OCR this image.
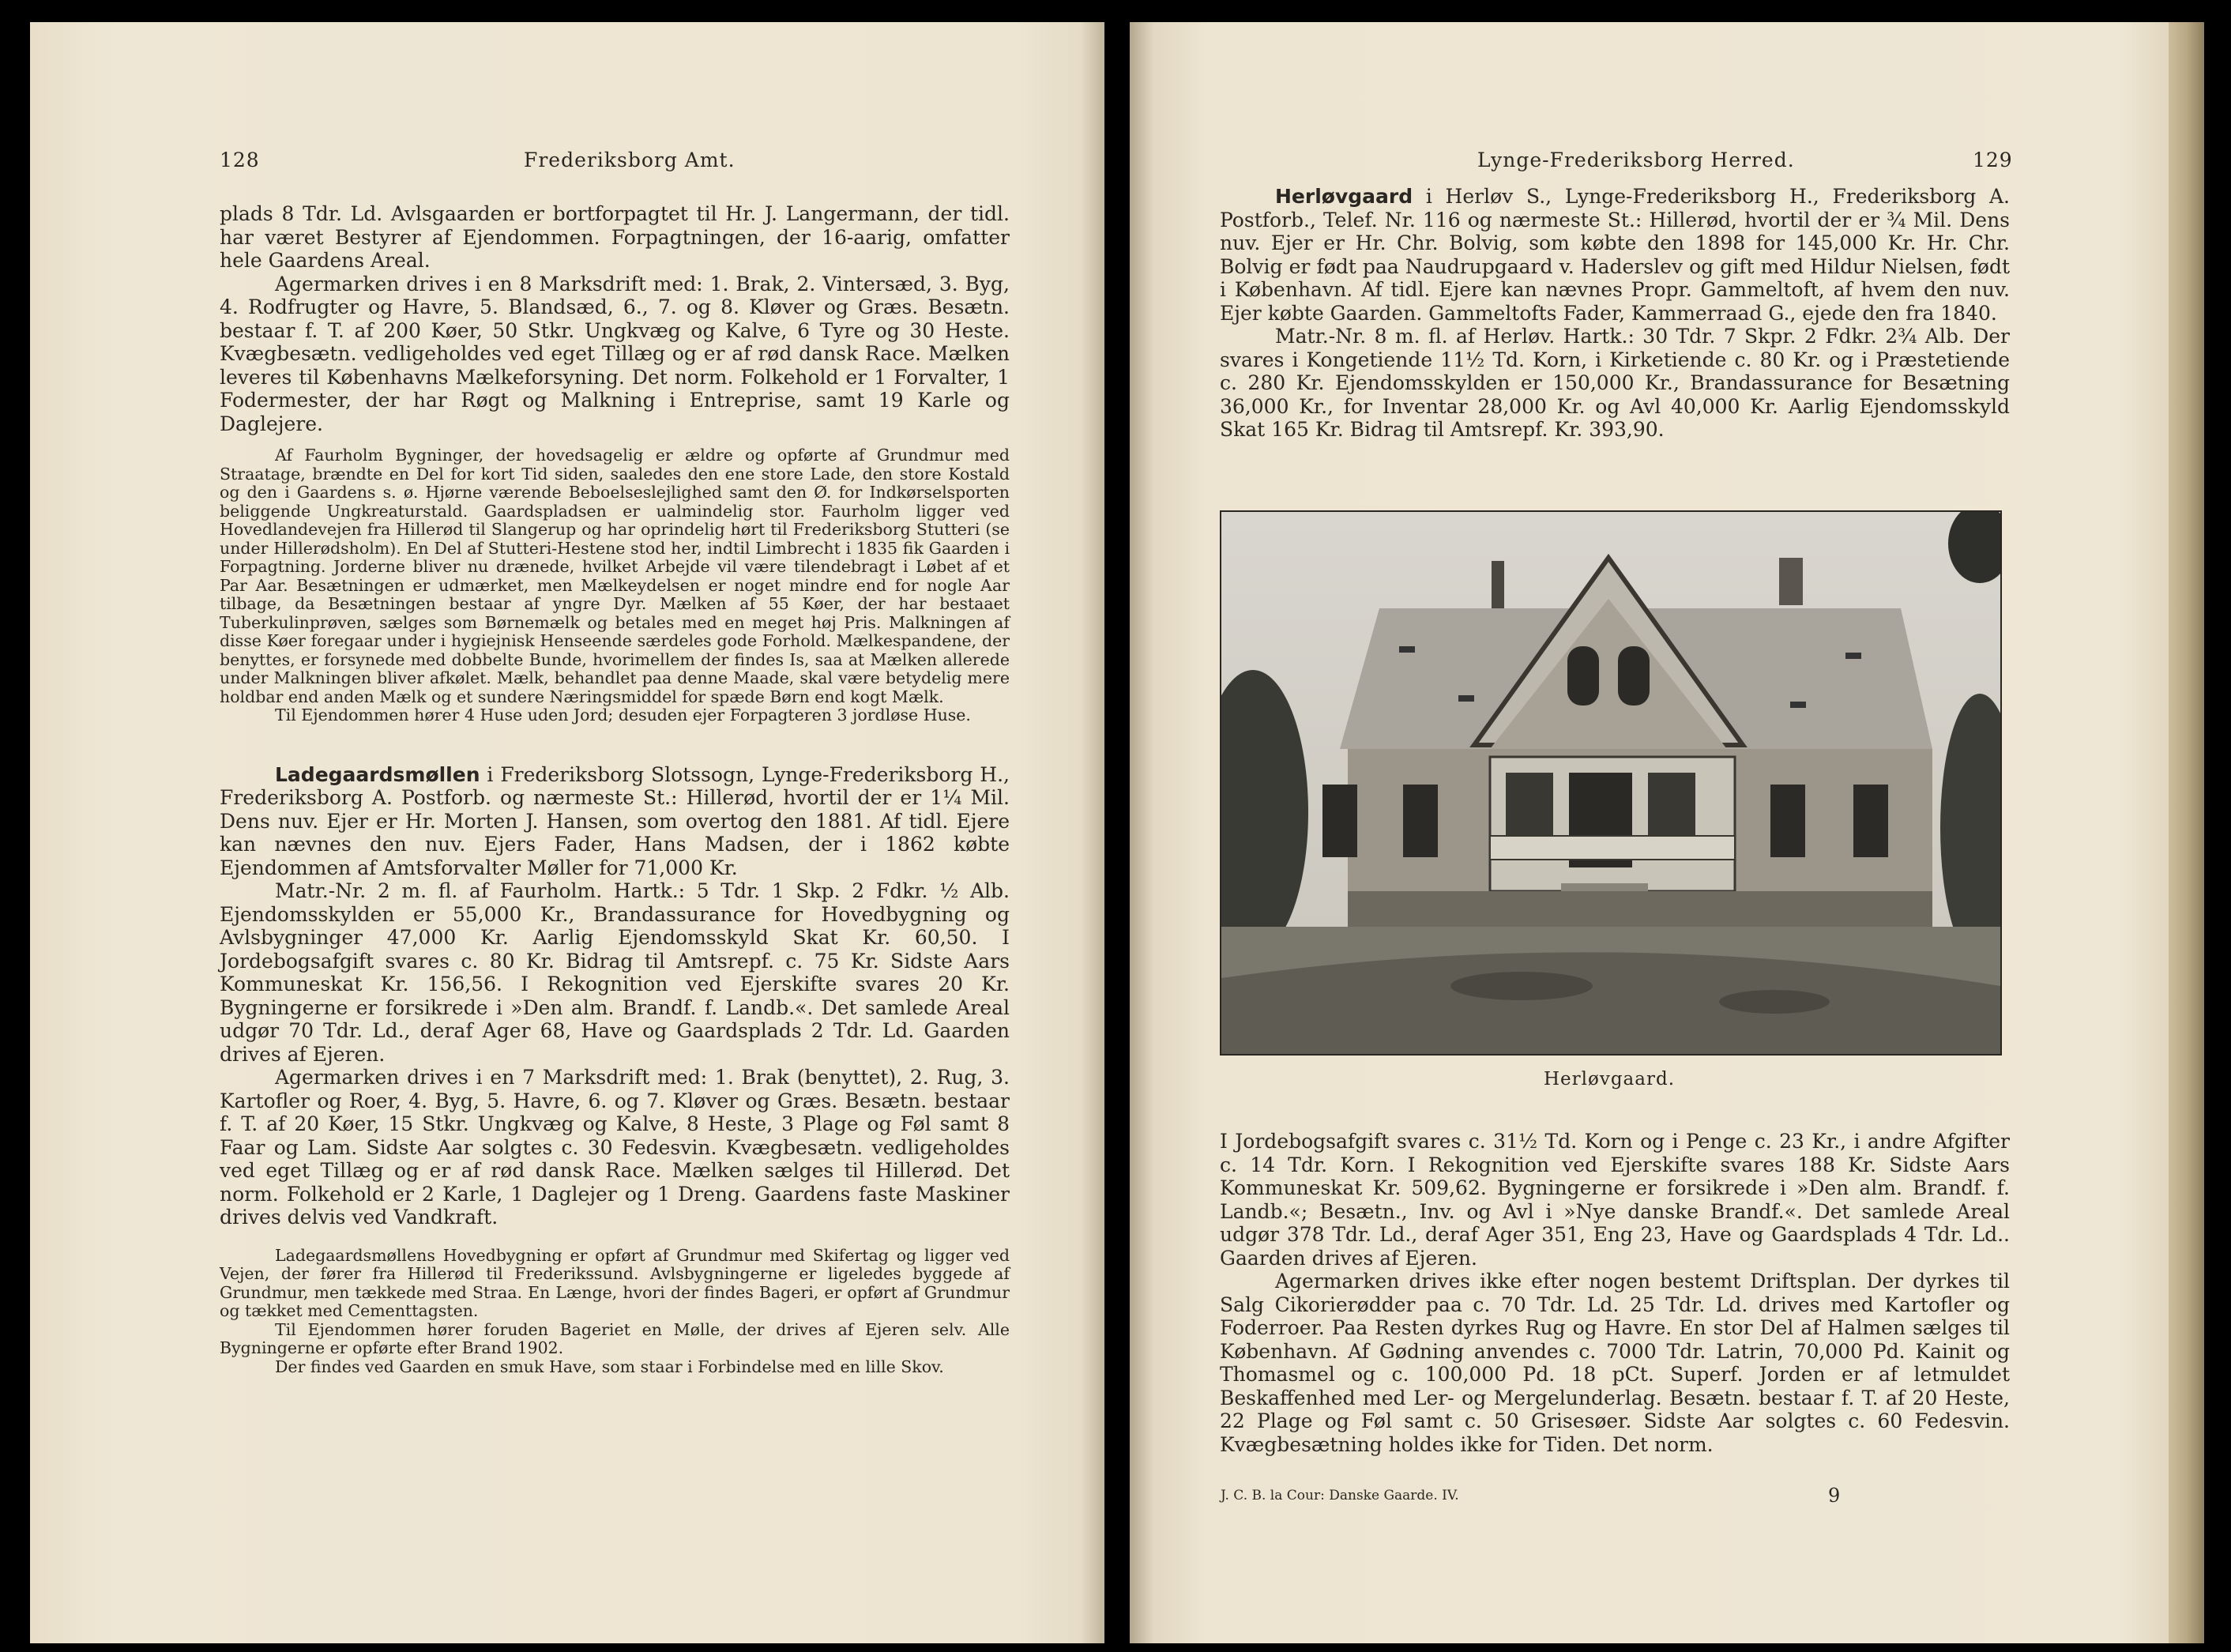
128	Frederiksborg Amt.

plads 8 Tdr. Ld. Avlsgaarden er bortforpagtet til Hr. J. Langermann, der tidl. har været Bestyrer af Ejendommen. Forpagtningen, der 16-aarig, omfatter hele Gaardens Areal.

Agermarken drives i en 8 Marksdrift med: 1. Brak, 2. Vintersæd, 3. Byg, 4. Rodfrugter og Havre, 5. Blandsæd, 6., 7. og 8. Kløver og Græs. Besætn. bestaar f. T. af 200 Køer, 50 Stkr. Ungkvæg og Kalve, 6 Tyre og 30 Heste. Kvægbesætn. vedligeholdes ved eget Tillæg og er af rød dansk Race. Mælken leveres til Københavns Mælkeforsyning. Det norm. Folkehold er 1 Forvalter, 1 Fodermester, der har Røgt og Malkning i Entreprise, samt 19 Karle og Daglejere.

Af Faurholm Bygninger, der hovedsagelig er ældre og opførte af Grundmur med Straatage, brændte en Del for kort Tid siden, saaledes den ene store Lade, den store Kostald og den i Gaardens s. ø. Hjørne værende Beboelseslejlighed samt den Ø. for Indkørselsporten beliggende Ungkreaturstald. Gaardspladsen er ualmindelig stor. Faurholm ligger ved Hovedlandevejen fra Hillerød til Slangerup og har oprindelig hørt til Frederiksborg Stutteri (se under Hillerødsholm). En Del af Stutteri-Hestene stod her, indtil Limbrecht i 1835 fik Gaarden i Forpagtning. Jorderne bliver nu drænede, hvilket Arbejde vil være tilendebragt i Løbet af et Par Aar. Besætningen er udmærket, men Mælkeydelsen er noget mindre end for nogle Aar tilbage, da Besætningen bestaar af yngre Dyr. Mælken af 55 Køer, der har bestaaet Tuberkulinprøven, sælges som Børnemælk og betales med en meget høj Pris. Malkningen af disse Køer foregaar under i hygiejnisk Henseende særdeles gode Forhold. Mælkespandene, der benyttes, er forsynede med dobbelte Bunde, hvorimellem der findes Is, saa at Mælken allerede under Malkningen bliver afkølet. Mælk, behandlet paa denne Maade, skal være betydelig mere holdbar end anden Mælk og et sundere Næringsmiddel for spæde Børn end kogt Mælk.

Til Ejendommen hører 4 Huse uden Jord; desuden ejer Forpagteren 3 jordløse Huse.

Ladegaardsmøllen i Frederiksborg Slotssogn, Lynge-Frederiksborg H., Frederiksborg A. Postforb. og nærmeste St.: Hillerød, hvortil der er 1¼ Mil. Dens nuv. Ejer er Hr. Morten J. Hansen, som overtog den 1881. Af tidl. Ejere kan nævnes den nuv. Ejers Fader, Hans Madsen, der i 1862 købte Ejendommen af Amtsforvalter Møller for 71,000 Kr.

Matr.-Nr. 2 m. fl. af Faurholm. Hartk.: 5 Tdr. 1 Skp. 2 Fdkr. ½ Alb. Ejendomsskylden er 55,000 Kr., Brandassurance for Hovedbygning og Avlsbygninger 47,000 Kr. Aarlig Ejendomsskyld Skat Kr. 60,50. I Jordebogsafgift svares c. 80 Kr. Bidrag til Amtsrepf. c. 75 Kr. Sidste Aars Kommuneskat Kr. 156,56. I Rekognition ved Ejerskifte svares 20 Kr. Bygningerne er forsikrede i »Den alm. Brandf. f. Landb.«. Det samlede Areal udgør 70 Tdr. Ld., deraf Ager 68, Have og Gaardsplads 2 Tdr. Ld. Gaarden drives af Ejeren.

Agermarken drives i en 7 Marksdrift med: 1. Brak (benyttet), 2. Rug, 3. Kartofler og Roer, 4. Byg, 5. Havre, 6. og 7. Kløver og Græs. Besætn. bestaar f. T. af 20 Køer, 15 Stkr. Ungkvæg og Kalve, 8 Heste, 3 Plage og Føl samt 8 Faar og Lam. Sidste Aar solgtes c. 30 Fedesvin. Kvægbesætn. vedligeholdes ved eget Tillæg og er af rød dansk Race. Mælken sælges til Hillerød. Det norm. Folkehold er 2 Karle, 1 Daglejer og 1 Dreng. Gaardens faste Maskiner drives delvis ved Vandkraft.

Ladegaardsmøllens Hovedbygning er opført af Grundmur med Skifertag og ligger ved Vejen, der fører fra Hillerød til Frederikssund. Avlsbygningerne er ligeledes byggede af Grundmur, men tækkede med Straa. En Længe, hvori der findes Bageri, er opført af Grundmur og tækket med Cementtagsten.

Til Ejendommen hører foruden Bageriet en Mølle, der drives af Ejeren selv. Alle Bygningerne er opførte efter Brand 1902.

Der findes ved Gaarden en smuk Have, som staar i Forbindelse med en lille Skov.

Lynge-Frederiksborg Herred.	129

Herløvgaard i Herløv S., Lynge-Frederiksborg H., Frederiksborg A. Postforb., Telef. Nr. 116 og nærmeste St.: Hillerød, hvortil der er ¾ Mil. Dens nuv. Ejer er Hr. Chr. Bolvig, som købte den 1898 for 145,000 Kr. Hr. Chr. Bolvig er født paa Naudrupgaard v. Haderslev og gift med Hildur Nielsen, født i København. Af tidl. Ejere kan nævnes Propr. Gammeltoft, af hvem den nuv. Ejer købte Gaarden. Gammeltofts Fader, Kammerraad G., ejede den fra 1840.

Matr.-Nr. 8 m. fl. af Herløv. Hartk.: 30 Tdr. 7 Skpr. 2 Fdkr. 2¾ Alb. Der svares i Kongetiende 11½ Td. Korn, i Kirketiende c. 80 Kr. og i Præstetiende c. 280 Kr. Ejendomsskylden er 150,000 Kr., Brandassurance for Besætning 36,000 Kr., for Inventar 28,000 Kr. og Avl 40,000 Kr. Aarlig Ejendomsskyld Skat 165 Kr. Bidrag til Amtsrepf. Kr. 393,90.

Herløvgaard.

I Jordebogsafgift svares c. 31½ Td. Korn og i Penge c. 23 Kr., i andre Afgifter c. 14 Tdr. Korn. I Rekognition ved Ejerskifte svares 188 Kr. Sidste Aars Kommuneskat Kr. 509,62. Bygningerne er forsikrede i »Den alm. Brandf. f. Landb.«; Besætn., Inv. og Avl i »Nye danske Brandf.«. Det samlede Areal udgør 378 Tdr. Ld., deraf Ager 351, Eng 23, Have og Gaardsplads 4 Tdr. Ld.. Gaarden drives af Ejeren.

Agermarken drives ikke efter nogen bestemt Driftsplan. Der dyrkes til Salg Cikorierødder paa c. 70 Tdr. Ld. 25 Tdr. Ld. drives med Kartofler og Foderroer. Paa Resten dyrkes Rug og Havre. En stor Del af Halmen sælges til København. Af Gødning anvendes c. 7000 Tdr. Latrin, 70,000 Pd. Kainit og Thomasmel og c. 100,000 Pd. 18 pCt. Superf. Jorden er af letmuldet Beskaffenhed med Ler- og Mergelunderlag. Besætn. bestaar f. T. af 20 Heste, 22 Plage og Føl samt c. 50 Grisesøer. Sidste Aar solgtes c. 60 Fedesvin. Kvægbesætning holdes ikke for Tiden. Det norm.

J. C. B. la Cour: Danske Gaarde. IV.	9
